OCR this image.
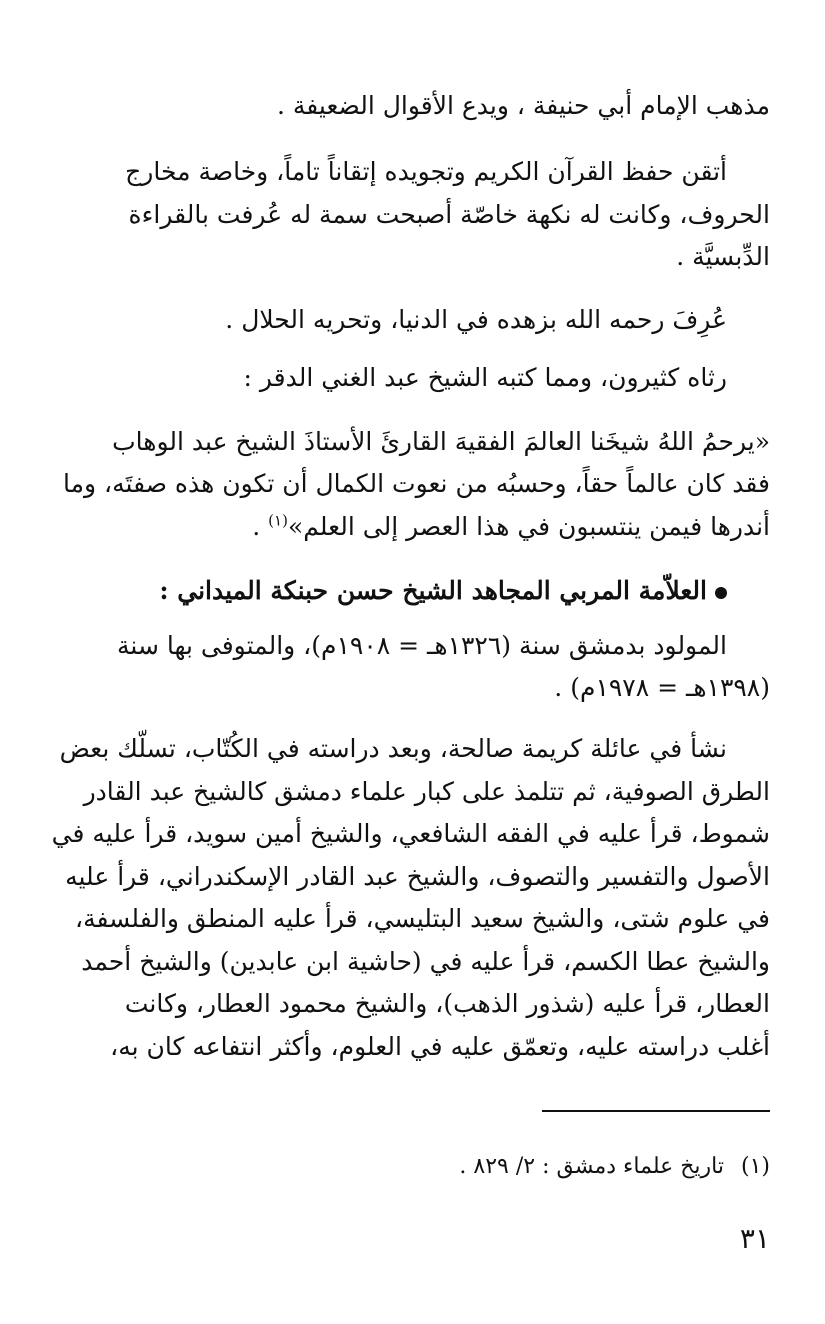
مذهب الإمام أبي حنيفة ، ويدع الأقوال الضعيفة .
أتقن حفظ القرآن الكريم وتجويده إتقاناً تاماً، وخاصة مخارج
الحروف، وكانت له نكهة خاصّة أصبحت سمة له عُرفت بالقراءة
الدِّبسيَّة .
عُرِفَ رحمه الله بزهده في الدنيا، وتحريه الحلال .
رثاه كثيرون، ومما كتبه الشيخ عبد الغني الدقر :
«يرحمُ اللهُ شيخَنا العالمَ الفقيهَ القارئَ الأستاذَ الشيخ عبد الوهاب
فقد كان عالماً حقاً، وحسبُه من نعوت الكمال أن تكون هذه صفتَه، وما
أندرها فيمن ينتسبون في هذا العصر إلى العلم»$^{(١)}$ .
العلاّمة المربي المجاهد الشيخ حسن حبنكة الميداني :
المولود بدمشق سنة (١٣٢٦هـ = ١٩٠٨م)، والمتوفى بها سنة
(١٣٩٨هـ = ١٩٧٨م) .
نشأ في عائلة كريمة صالحة، وبعد دراسته في الكُتّاب، تسلّك بعض
الطرق الصوفية، ثم تتلمذ على كبار علماء دمشق كالشيخ عبد القادر
شموط، قرأ عليه في الفقه الشافعي، والشيخ أمين سويد، قرأ عليه في
الأصول والتفسير والتصوف، والشيخ عبد القادر الإسكندراني، قرأ عليه
في علوم شتى، والشيخ سعيد البتليسي، قرأ عليه المنطق والفلسفة،
والشيخ عطا الكسم، قرأ عليه في (حاشية ابن عابدين) والشيخ أحمد
العطار، قرأ عليه (شذور الذهب)، والشيخ محمود العطار، وكانت
أغلب دراسته عليه، وتعمّق عليه في العلوم، وأكثر انتفاعه كان به،
(١)تاريخ علماء دمشق : ٢/ ٨٢٩ .
٣١
